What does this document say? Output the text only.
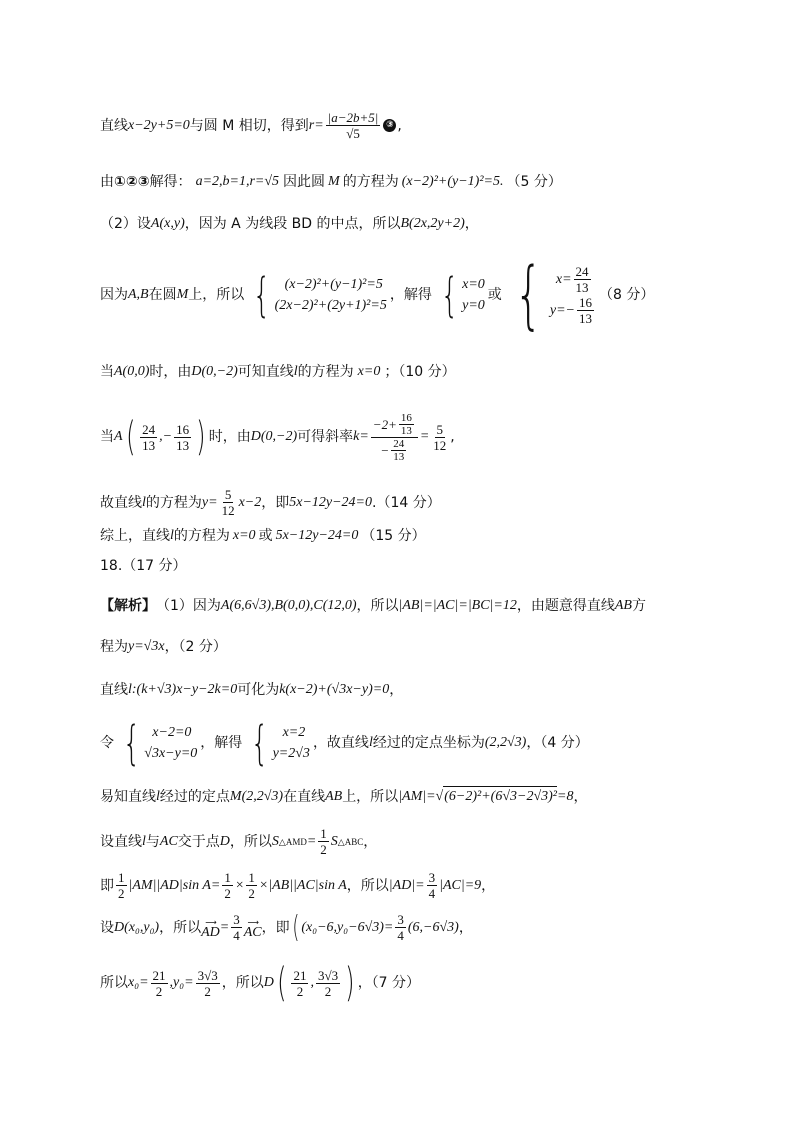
直线 x −2y+5=0 与圆 M 相切，得到 $r = \frac{|a-2b+5|}{√5}$ ③ ,
由 ①②③ 解得： a=2,b=1,r=√5 因此圆 M 的方程为 (x−2)²+(y−1)²=5. （5 分）
（2）设 A(x,y) ，因为 A 为线段 BD 的中点，所以 B(2x,2y+2) ，
因为 A,B 在圆 M 上，所以 { (x−2)²+(y−1)²=5
(2x−2)²+(2y+1)²=5
，解得 { x=0
y=0
或 { $x= \frac{24}{13}$
$y=- \frac{16}{13} (8$ 分）
当 A(0,0) 时，由 D(0,−2) 可知直线 l 的方程为 x=0 ；（10 分）
当 A ( $\frac{24}{13}$ , − $\frac{16}{13}$ ) 时，由 D(0,−2) 可得斜率 $k= \frac{-2+ \frac{16}{13}}{- \frac{24}{13}} = \frac{5}{12}$ ,
故直线 l 的方程为 $y= \frac{5}{12} x-2$ ，即 5x−12y−24=0 .（14 分）
综上，直线 l 的方程为 x=0 或 5x−12y−24=0 （15 分）
18.（17 分）
【解析】 （1）因为 A(6,6√3),B(0,0),C(12,0) ，所以 |AB|=|AC|=|BC|=12 ，由题意得直线 AB 方
程为 y=√3x ，（2 分）
直线 l:(k+√3)x−y−2k=0 可化为 k(x−2)+(√3x−y)=0 ，
令 { x−2=0
√3x−y=0
，解得 { x=2
y=2√3
，故直线 l 经过的定点坐标为 (2,2√3) ，（4 分）
易知直线 l 经过的定点 M (2,2√3) 在直线 AB 上，所以 |AM|= √ (6−2)²+(6√3−2√3)² =8 ，
设直线 l 与 AC 交于点 D ，所以 S △AMD = $\frac{1}{2}$ S △ABC ，
即 $\frac{1}{2} |AM||AD|\sin$ $A= \frac{1}{2} \times \frac{1}{2} \times|AB||AC|\sin$ A ，所以 $|AD|= \frac{3}{4} |AC|=9$ ，
设 D(x₀,y₀) ，所以 ⟶
AD = $\frac{3}{4}$ ⟶
AC ，即 ( $(x_0-6,y_0-6√3)= \frac{3}{4} (6,-6√3)$ ，
所以 $x_0= \frac{21}{2} ,y_0= \frac{3√3}{2}$ ，所以 D ( $\frac{21}{2}$ , $\frac{3√3}{2}$ ) ，（7 分）
